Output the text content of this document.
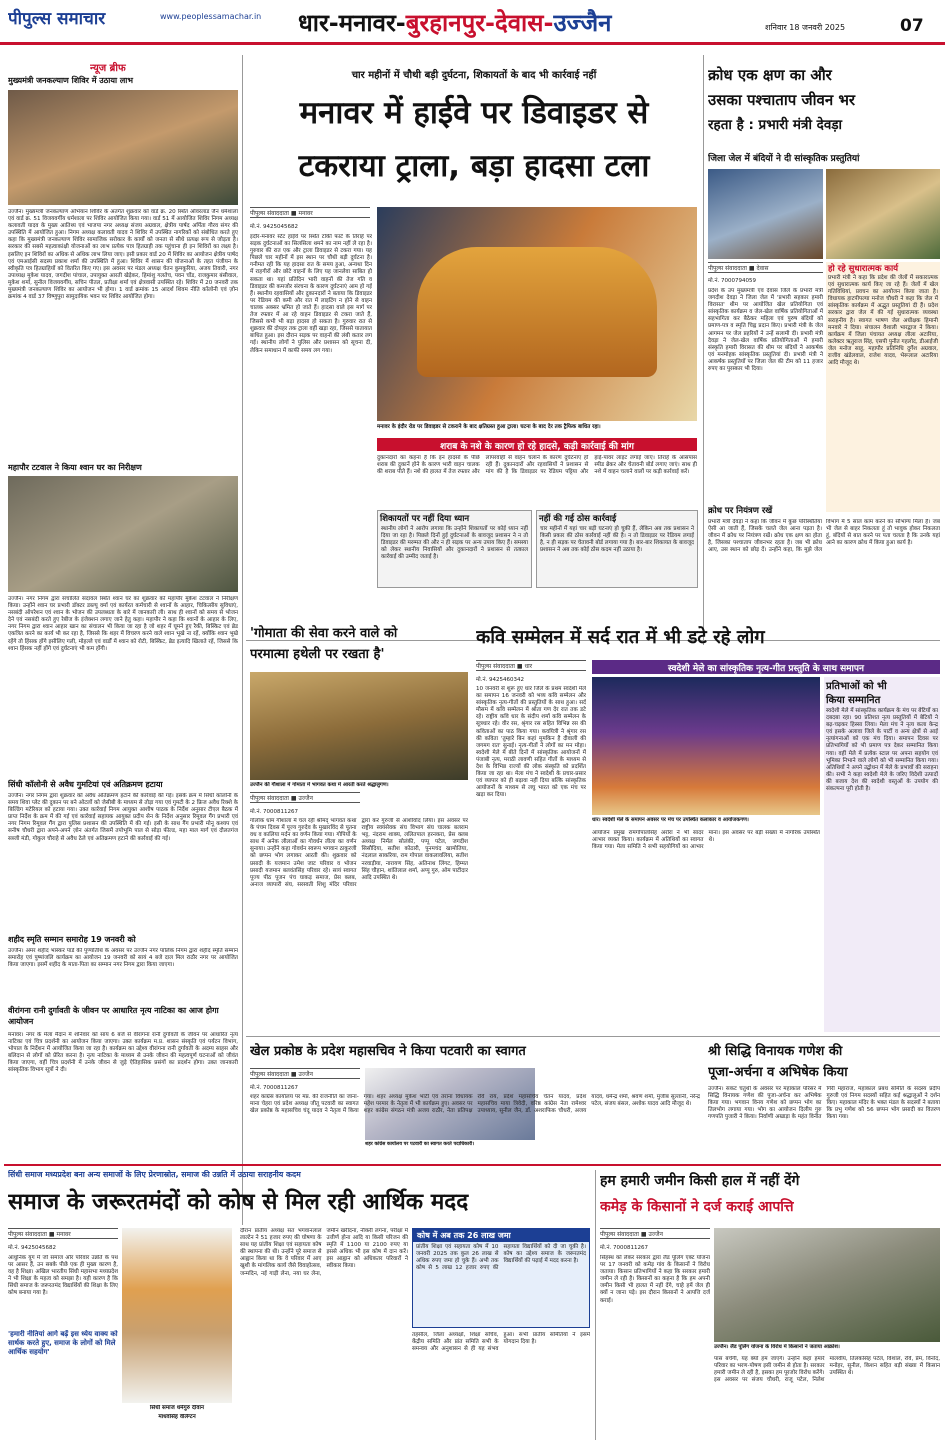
पीपुल्स समाचार	www.peoplessamachar.in	धार-मनावर-बुरहानपुर-देवास-उज्जैन	शनिवार 18 जनवरी 2025	07
न्यूज ब्रीफ
मुख्यमंत्री जनकल्याण शिविर में उठाया लाभ
उज्जैन। मुख्यमंत्री जनकल्याण अभियान शिविर के अंतर्गत शुक्रवार को वार्ड क्र. 20 स्थित ओवरलांड जैन धर्मशाला एवं वार्ड क्र. 51 विजयवर्गीय धर्मशाला पर शिविर आयोजित किया गया। वार्ड 51 में आयोजित शिविर निगम अध्यक्ष कलावती यादव के मुख्य आतिथ्य एवं भाजपा नगर अध्यक्ष संजय अग्रवाल, क्षेत्रीय पार्षद अर्पिता गौरव संगर की उपस्थिति में आयोजित हुआ। निगम अध्यक्ष कलावती यादव ने शिविर में उपस्थित नागरिकों को संबोधित करते हुए कहा कि मुख्यमंत्री जनकल्याण शिविर सामाजिक सरोकार के कार्यों को जनता से सीधे प्रत्यक्ष रूप से जोड़ता है। सरकार की सबसे महत्वाकांक्षी योजनाओं का लाभ प्रत्येक पात्र हितग्राही तक पहुंचाना ही इन शिविरों का लक्ष्य है। इसलिए इन शिविरों का अधिक से अधिक लाभ लिया जाए। इसी प्रकार वार्ड 20 में शिविर का आयोजन क्षेत्रीय पार्षद एवं एमआईसी सदस्य प्रकाश शर्मा की उपस्थिति में हुआ। शिविर में शासन की योजनाओं के तहत पंजीयन के स्वीकृति पत्र हितग्राहियों को वितरित किए गए। इस अवसर पर मंडल अध्यक्ष चेतन कुमकुरिया, अजय तिवारी, नगर उपाध्यक्ष मुकेश यादव, जगदीश पांचाल, उपायुक्त आरती खेड़ेकर, हिमांशु गलतेच, पवन चोंड, राजकुमार बंसीवाल, मुकेश शर्मा, सुनील विजयवर्गीय, सचिन पीतल, प्रतीक्षा शर्मा एवं क्षेत्रवासी उपस्थित रहे। शिविर में 20 जनवरी तक मुख्यमंत्री जनकल्याण शिविर का आयोजन भी होगा। 1 वार्ड क्रमांक 15 आदर्श शिवम नीति कॉलोनी एवं ज़ोन क्रमांक 4 वार्ड 37 विष्णुपुरा सामुदायिक भवन पर शिविर आयोजित होगा।
महापौर टटवाल ने किया श्वान घर का निरीक्षण
उज्जैन। नगर निगम द्वारा संचालित सदावल स्थित श्वान घर का शुक्रवार को महापौर मुकेश टटवाल ने निरीक्षण किया। उन्होंने श्वान घर प्रभारी डॉक्टर डब्ल्यू वर्मा एवं कार्यरत कर्मचारी से श्वानों के आहार, चिकित्सीय सुविधाएं, नसबंदी ऑपरेशन एवं श्वान के भोजन की उपलब्धता के बारे में जानकारी ली। साथ ही श्वानों को समय से भोजन देने एवं नसबंदी करते हुए रेबीज के इंजेक्शन लगाए जाने हेतु कहा। महापौर ने कहा कि श्वानों के आहार के लिए, नगर निगम द्वारा श्वान आहार खान का संचालन भी किया जा रहा है जो शहर में घूमने हुए रैकी, बिस्किट एवं ब्रेड एकत्रित करने का कार्य भी कर रहा है, जिससे कि शहर में विचरण करने वाले श्वान भूखे ना रहें, क्योंकि श्वान भूखे रहेंगे तो हिंसक होंगे इसीलिए गली, मोहल्ले एवं वार्डों में श्वान को रोटी, बिस्किट, ब्रेड इत्यादि खिलाते रहें, जिससे कि श्वान हिंसक नहीं होंगे एवं दुर्घटनाएं भी कम होंगी।
सिंधी कॉलोनी से अवैध गुमटियां एवं अतिक्रमण हटाया
उज्जैन। नगर निगम द्वारा शुक्रवार को अवैध अतिक्रमण हटाने की कार्रवाई की गई। इसके क्रम में सिंधी कॉलोनी के समय शिवा प्लेट की दुकान पर बने ओटलों को जेसीबी के माध्यम से तोड़ा गया एवं गुमटी के 2 फ्रिज अवैध रिक्शे के बिल्डिंग मटेरियल को हटाया गया। उक्त कार्रवाई निगम आयुक्त आशीष पाठक के निर्देश अनुसार टीएल बैठक में प्राप्त निर्देश के क्रम में की गई एवं कार्रवाई सहायक आयुक्त प्रदीप सेन के निर्देश अनुसार रिमूवल गैंग प्रभारी एवं नगर निगम रिमूवल गैंग द्वारा पुलिस प्रशासन की उपस्थिति में की गई। इसी के साथ गैंग प्रभारी मोनू कश्यप एवं सनीष चौधरी द्वारा अपने-अपने ज़ोन अंतर्गत जिसमें तपोभूमि पाल से सोड़ा फील्ड, महा माल मार्ग एवं दौलतगंज सब्जी मंडी, गोकुल चौराहे से अवैध ठेले एवं अतिक्रमण हटाने की कार्रवाई की गई।
शहीद स्मृति सम्मान समारोह 19 जनवरी को
उज्जैन। अमर शहीद भास्कर पांडे की पुण्यतिथि के अवसर पर उज्जैन नगर पालिक निगम द्वारा शहीद स्मृति सम्मान समारोह एवं पुष्पांजलि कार्यक्रम का आयोजन 19 जनवरी को सायं 4 बजे दाल मिल राठौर नगर पर आयोजित किया जाएगा। इसमें शहीद के माता-पिता का सम्मान नगर निगम द्वारा किया जाएगा।
वीरांगना रानी दुर्गावती के जीवन पर आधारित नृत्य नाटिका का आज होगा आयोजन
मनावर। नगर के मेला मैदान में शनिवार को सायं 6 बजे से वीरांगना रानी दुर्गावती के जीवन पर आधारित नृत्य नाटिका एवं चित्र प्रदर्शनी का आयोजन किया जाएगा। उक्त कार्यक्रम म.प्र. शासन संस्कृति एवं पर्यटन विभाग, भोपाल के निर्देशन में आयोजित किया जा रहा है। कार्यक्रम का उद्देश्य वीरांगना रानी दुर्गावती के अदम्य साहस और बलिदान से लोगों को प्रेरित करना है। नृत्य नाटिका के माध्यम से उनके जीवन की महत्वपूर्ण घटनाओं को जीवंत किया जाएगा, वहीं चित्र प्रदर्शनी में उनके जीवन से जुड़े ऐतिहासिक प्रसंगों का प्रदर्शन होगा। उक्त जानकारी सांस्कृतिक विभाग सूत्रों ने दी।
चार महीनों में चौथी बड़ी दुर्घटना, शिकायतों के बाद भी कार्रवाई नहीं
मनावर में हाईवे पर डिवाइडर से
टकराया ट्राला, बड़ा हादसा टला
पीपुल्स संवाददाता ■ मनावर
मो.नं. 9425045682
इंदौर-मनावर स्टेट हाईवे पर स्थित टोंकी फाटे के तिराहे पर सड़क दुर्घटनाओं का सिलसिला थमने का नाम नहीं ले रहा है। गुरुवार की रात एक और ट्राला डिवाइडर से टकरा गया। यह पिछले चार महीनों में इस स्थान पर चौथी बड़ी दुर्घटना है। गनीमत रही कि यह हादसा रात के समय हुआ, अन्यथा दिन में राहगीरों और छोटे वाहनों के लिए यह जानलेवा साबित हो सकता था। यहां प्रतिदिन भारी वाहनों की तेज गति व डिवाइडर की कमजोर संरचना के कारण दुर्घटनाएं आम हो गई हैं। स्थानीय रहवासियों और दुकानदारों ने बताया कि डिवाइडर पर रेडियम की कमी और रात में लाइटिंग न होने से वाहन चालक अक्सर भ्रमित हो जाते हैं। हादसा वाले इस मार्ग पर तेज रफ्तार में आ रहे वाहन डिवाइडर से टकरा जाते हैं, जिससे कभी भी बड़ा हादसा हो सकता है। गुरुवार रात से शुक्रवार की दोपहर तक ट्राला वहीं खड़ा रहा, जिससे यातायात बाधित हुआ। इस दौरान सड़क पर वाहनों की लंबी कतार लग गई। स्थानीय लोगों ने पुलिस और प्रशासन को सूचना दी, लेकिन समाधान में काफी समय लग गया।
मनावर के इंदौर रोड पर डिवाइडर से टकराने के बाद क्षतिग्रस्त हुआ ट्राला। घटना के बाद देर तक ट्रैफिक बाधित रहा।
शराब के नशे के कारण हो रहे हादसे, कड़ी कार्रवाई की मांग
दुकानदारों का कहना है कि इन हादसों के पीछे शराब की दुकानें होने के कारण भारी वाहन चालक की शराब पीते हैं। नशे की हालत में तेज रफ्तार और लापरवाही से वाहन चलाने के कारण दुर्घटनाएं हो रही हैं। दुकानदारों और रहवासियों ने प्रशासन से मांग की है कि डिवाइडर पर रेडियम पट्टिया और हाई-पावर लाइट लगाई जाएं। तिराहे के आसपास स्पीड ब्रेकर और चेतावनी बोर्ड लगाए जाएं। साथ ही नशे में वाहन चलाने वालों पर कड़ी कार्रवाई करें।
शिकायतों पर नहीं दिया ध्यान
स्थानीय लोगों ने आरोप लगाया कि उन्होंने शिकायतों पर कोई ध्यान नहीं दिया जा रहा है। पिछले दिनों हुई दुर्घटनाओं के बावजूद प्रशासन ने न तो डिवाइडर की मरम्मत की और न ही सड़क पर अन्य उपाय किए हैं। समस्या को लेकर स्थानीय निवासियों और दुकानदारों ने प्रशासन से तत्काल कार्रवाई की उम्मीद जताई है।
नहीं की गई ठोस कार्रवाई
चार महीनों में यहां चार बड़ी घटनाएं हो चुकी हैं, लेकिन अब तक प्रशासन ने किसी प्रकार की ठोस कार्रवाई नहीं की है। न तो डिवाइडर पर रेडियम लगाई है, न ही सड़क पर चेतावनी बोर्ड लगाया गया है। बार-बार शिकायत के बावजूद प्रशासन ने अब तक कोई ठोस कदम नहीं उठाया है।
क्रोध एक क्षण का और
उसका पश्चाताप जीवन भर
रहता है : प्रभारी मंत्री देवड़ा
जिला जेल में बंदियों ने दी सांस्कृतिक प्रस्तुतियां
पीपुल्स संवाददाता ■ देवास
मो.नं. 7000794059
प्रदेश के उप मुख्यमंत्री एवं देवास जिले के प्रभारी मंत्री जगदीश देवड़ा ने जिला जेल में 'प्रभारी सहकार हमारी विरासत' थीम पर आयोजित खेल प्रतियोगिता एवं सांस्कृतिक कार्यक्रम व जेल-खेल वार्षिक प्रतियोगिताओं में सहभागिता कर बैठेकर महिला एवं पुरुष बंदियों को प्रमाण-पत्र व स्मृति चिह्न प्रदान किए। प्रभारी मंत्री के जेल आगमन पर जेल प्रहरियों ने उन्हें सलामी दी। प्रभारी मंत्री देवड़ा ने जेल-खेल वार्षिक प्रतियोगिताओं में हमारी संस्कृति हमारी विरासत की थीम पर बंदियों ने आकर्षक एवं मनमोहक सांस्कृतिक प्रस्तुतियां दी। प्रभारी मंत्री ने आकर्षक प्रस्तुतियों पर जिला जेल की टीम को 11 हजार रुपए का पुरस्कार भी दिया।
हो रहे सुधारात्मक कार्य
प्रभारी मंत्री ने कहा कि प्रदेश की जेलों में सकारात्मक एवं सुधारात्मक कार्य किए जा रहे हैं। जेलों में खेल गतिविधियां, प्रवचन का आयोजन किया जाता है। विधायक हाटपीपल्या मनोज चौधरी ने कहा कि जेल में सांस्कृतिक कार्यक्रम में अद्भुत प्रस्तुतियां दी हैं। प्रदेश सरकार द्वारा जेल में की गई सुधारात्मक व्यवस्था सराहनीय है। स्वागत भाषण जेल अधीक्षक हिमानी मनवारे ने दिया। संचालन वैशाली भारद्वाज ने किया। कार्यक्रम में जिला पंचायत अध्यक्ष लीला अटारिया, कलेक्टर ऋतुराज सिंह, एसपी पुनीत गहलोद, डीआईजी जेल मनोज साहू, महापौर प्रतिनिधि दुर्गेश अग्रवाल, राजीव खंडेलवाल, राजेश यादव, भेरूलाल अटारिया आदि मौजूद थे।
क्रोध पर नियंत्रण रखें
प्रभारी मंत्री देवड़ा ने कहा कि जीवन में कुछ परिस्थितियां ऐसी आ जाती हैं, जिसके चलते जेल आना पड़ता है। जीवन में क्रोध पर नियंत्रण रखें। क्रोध एक क्षण का होता है, जिसका पश्चाताप जीवनभर रहता है। जब भी क्रोध आए, उस स्थान को छोड़ दें। उन्होंने कहा, कि मुझे जेल विभाग में 5 साल काम करने का सौभाग्य मिला है। जब भी जेल से बाहर निकलता हूं तो भावुक होकर निकलता हूं, बंदियों से बात करने पर पता चलता है कि उनके यहां आने का कारण क्रोध में किया हुआ कार्य है।
'गोमाता की सेवा करने वाले को
परमात्मा हथेली पर रखता है'
उज्जैन की गौशाला में गोमाता में भागवत कथा में आरती करते श्रद्धालुगण।
पीपुल्स संवाददाता ■ उज्जैन
मो.नं. 7000811267
गोलोक धाम गौशाला में चल रही श्रीमद् भागवत कथा के पंचम दिवस में पूज्य गुरुदेव के मुखारविंद से पूतना वध व कालिया मर्दन का वर्णन किया गया। गोपियों के साथ में अनेक लीलाओं का गोवर्धन लीला का वर्णन सुनाया। उन्होंने कहा गोवर्धन स्वरूप भगवान ठाकुरजी को छप्पन भोग लगाकर आरती की। शुक्रवार को प्रसादी के यजमान उमेश जाट परिवार व भोजन प्रसादी यजमान बलवंतसिंह परिवार रहे। सायं स्वागत पूज्य पीठ पूजन पंच घाकड़ समाज, प्रेस क्लब, अनाज व्यापारी संघ, सरस्वती शिशु मंदिर परिवार द्वारा कर गुरुजी से आशीर्वाद लिया। इस अवसर पर राष्ट्रीय स्वयंसेवक संघ विभाग संघ चालक बलराम भट्ट, नंदराम शाक्य, ललितपाल हरनकरा, प्रेस क्लब अध्यक्ष निर्मल सोलंकी, पप्पू पटेल, जगदीश सिसौदिया, सतीश कोठारी, पुनमचंद खामोतिया, नंदलाल साकरिया, राम गोपाल वाकलावलिया, सतीश नरवाड़ीया, नारायण सिंह, अतिनाथ लिंगट, हिम्मत सिंह चौहान, शांतिलाल शर्मा, अप्पू गुरु, ओम पाटीदार आदि उपस्थित थे।
कवि सम्मेलन में सर्द रात में भी डटे रहे लोग
पीपुल्स संवाददाता ■ धार
मो.नं. 9425460342
10 जनवरी से शुरू हुए धार जिले के प्रथम स्वदेशी मेले का समापन 16 जनवरी को भव्य कवि सम्मेलन और सांस्कृतिक नृत्य-गीतों की प्रस्तुतियों के साथ हुआ। सर्द मौसम में कवि सम्मेलन में श्रोता गण देर रात तक डटे रहे। राष्ट्रीय कवि धार के संदीप शर्मा कवि सम्मेलन के सूत्रधार रहे। वीर रस, श्रृंगार रस सहित विभिन्न रस की कविताओं का पाठ किया गया। कवयित्री ने श्रृंगार रस की कविता 'तुम्हारे बिन कहां मुमकिन है दीवाली की जगमग रात' सुनाई। नृत्य-गीतों ने लोगों का मन मोहा। स्वदेशी मेले में बीते दिनों में सांस्कृतिक आयोजनों में पंजाबी नृत्य, मराठी लावणी सहित गीतों के माध्यम से देश के विभिन्न राज्यों की लोक संस्कृति को प्रदर्शित किया जा रहा था। मेला मंच ने स्वदेशी के प्रचार-प्रसार एवं व्यापार को ही बढ़ावा नहीं दिया बल्कि सांस्कृतिक आयोजनों के माध्यम से लघु भारत को एक मंच पर खड़ा कर दिया।
स्वदेशी मेले का सांस्कृतिक नृत्य-गीत प्रस्तुति के साथ समापन
धार। स्वदेशी मेले के समापन अवसर पर मंच पर उपस्थित कलाकार व आयोजकगण।
आयोजन प्रमुख रामगोपालसिंह अरोरा ने भी सादर आभार व्यक्त किया। कार्यक्रम में अतिथियों का स्वागत किया गया। मेला समिति ने सभी सहयोगियों का आभार माना। इस अवसर पर बड़ी संख्या में नागरिक उपस्थित थे।
प्रतिभाओं को भी
किया सम्मानित
स्वदेशी मेले में सांस्कृतिक कार्यक्रम के मंच पर बेटियों का दबदबा रहा। 90 प्रतिशत नृत्य प्रस्तुतियों में बेटियों ने बढ़-चढ़कर हिस्सा लिया। मेला मंच ने नृत्य कला केन्द्र एवं इसके अलावा जिले के पार्टी व अन्य क्षेत्रों से आई नृत्यांगनाओं को एक मंच दिया। समापन दिवस पर प्रतिभागियों को भी प्रमाण पत्र देकर सम्मानित किया गया। वहीं मेले में प्रत्येक स्टाल पर अपना सहयोग एवं भूमिका निभाने वाले लोगों को भी सम्मानित किया गया। अतिथियों ने अपने उद्बोधन में मेले के प्रभावों की सराहना की। सभी ने कहा स्वदेशी मेले के जरिए विदेशी उत्पादों की बजाय देश की स्वदेशी वस्तुओं के उपयोग की संकल्पना पूरी होती है।
खेल प्रकोष्ठ के प्रदेश महासचिव ने किया पटवारी का स्वागत
पीपुल्स संवाददाता ■ उज्जैन
मो.नं. 7000811267
शहर कांग्रेस कार्यालय पर पटवारी का स्वागत करते पदाधिकारी।
शहर कांग्रेस कार्यालय पर मप्र. की राजनीति का जाना-माना चेहरा एवं प्रदेश अध्यक्ष जीतू पटवारी का स्वागत खेल प्रकोष्ठ के महासचिव चंदू यादव ने नेतृत्व में किया गया। शहर अध्यक्ष मुकेश भाटी एवं तराना विधायक महेश परमार के नेतृत्व में भी कार्यक्रम हुए। अवसर पर शहर कांग्रेस संगठन मंत्री अजय राठौर, नेता प्रतिपक्ष रवि राय, प्रदेश महासचिव चेतन यादव, प्रदेश महासचिव माया त्रिवेदी, वरिष्ठ कांग्रेस नेता रामेश्वर उपाध्याय, सुनील जैन, डॉ. अशराफिक चौधरी, अजय यादव, धर्मेन्द्र शर्मा, श्रवण शर्मा, मुजीब सुल्तानी, नरेन्द्र पटेल, संजय बंसल, अशोक यादव आदि मौजूद थे।
श्री सिद्धि विनायक गणेश की
पूजा-अर्चना व अभिषेक किया
उज्जैन। संकट चतुर्थी के अवसर पर महाकाल परिसर में सिद्धि विनायक गणेश की पूजा-अर्चना कर अभिषेक किया गया। भगवान विनय गणेश को छप्पन भोग का तिलभोग लगाया गया। भोग का आयोजन दिलीप गुरु गणपति पुजारी ने किया। निर्वाणी अखाड़ा के महंत विनीत गिरी महाराज, महाकाल प्रबंध समिति के सदस्य प्रदीप गुरुजी एवं निगम सदस्यों सहित कई श्रद्धालुओं ने दर्शन किए। महाकाल मंदिर के भक्त मंडल के सदस्यों ने बताया कि प्रभु गणेश को 56 छप्पन भोग प्रसादी का वितरण किया गया।
सिंधी समाज मध्यप्रदेश बना अन्य समाजों के लिए प्रेरणास्रोत, समाज की उन्नति में उठाया सराहनीय कदम
समाज के जरूरतमंदों को कोष से मिल रही आर्थिक मदद
पीपुल्स संवाददाता ■ मनावर
मो.नं. 9425045682
आधुनिक युग में जो समाज और परिवार उन्नति के पथ पर आसर हैं, उन सबके पीछे एक ही मुख्य कारण है, वह है शिक्षा। अखिल भारतीय सिंधी महासभा मध्यप्रदेश ने भी शिक्षा के महत्व को समझा है। यही कारण है कि सिंधी समाज के जरूरतमंद विद्यार्थियों की शिक्षा के लिए कोष बनाया गया है।
'हमारी नीतियां आगे बढ़ें इस ध्येय वाक्य को सार्थक करते हुए, समाज के लोगों को मिले आर्थिक सहयोग'
सिंधी समाज धर्मगुरु दीवान
माधवसिंह वेलिंग्टन
दौरान प्रांतीय अध्यक्ष संत भगवानलाल लाल्टेन ने 51 हजार रुपए की घोषणा के साथ यह प्रांतीय शिक्षा एवं सहायता कोष की स्थापना की थी। उन्होंने पूरे समाज से आह्वान किया था कि वे परिवार में आए खुशी के मांगलिक कार्य जैसे विवाहोत्सव, जन्मदिन, नई गाड़ी लेना, नया घर लेना, जमीन खरीदना, नौकरी लगना, परीक्षा में उत्तीर्ण होना आदि या किसी परिजन की स्मृति में 1100 या 2100 रुपए या इससे अधिक भी इस कोष में दान करें। इस आह्वान को अधिकतर परिवारों ने स्वीकार किया।
कोष में अब तक 26 लाख जमा
प्रांतीय शिक्षा एवं सहायता कोष में 10 जनवरी 2025 तक कुल 26 लाख से अधिक रुपए जमा हो चुके हैं। अभी तक कोष से 5 लाख 12 हजार रुपए की सहायता विद्यार्थियों को दी जा चुकी है। कोष का उद्देश्य समाज के जरूरतमंद विद्यार्थियों की पढ़ाई में मदद करना है।
तहसील, जिला अध्यक्षों, शिक्षा सचिव, केंद्रीय समिति और प्रांत समिति सभी के समन्वय और अनुशासन से ही यह संभव हुआ। सभी प्रांतीय समितियों ने इसमें योगदान दिया है।
हम हमारी जमीन किसी हाल में नहीं देंगे
कमेड़ के किसानों ने दर्ज कराई आपत्ति
पीपुल्स संवाददाता ■ उज्जैन
मो.नं. 7000811267
सिंहस्थ को लेकर सरकार द्वारा लैंड पूलिंग एक्ट योजना पर 17 जनवरी को कमेड़ गांव के किसानों ने विरोध जताया। किसान प्रतिभागियों ने कहा कि सरकार हमारी जमीन ले रही है। किसानों का कहना है कि हम अपनी जमीन किसी भी हालत में नहीं देंगे, चाहे हमें जेल ही क्यों न जाना पड़े। इस दौरान किसानों ने आपत्ति दर्ज कराई।
उज्जैन। लैंड पूलिंग योजना के विरोध में किसानों ने जताया आक्रोश।
पास बचेगी, यह क्यों हम जाएंगे। उन्होंने कहा हमारे परिवार का भरण-पोषण इसी जमीन से होता है। सरकार हमारी जमीन ले रही है, इसका हम पूरजोर विरोध करेंगे। इस अवसर पर संजय चौधरी, राजू पटेल, निलेश मालवीय, तिलकसिंह पटेल, विशाल, रवि, प्रेम, विनोद, मनोहर, सुनील, किशन सहित बड़ी संख्या में किसान उपस्थित थे।
